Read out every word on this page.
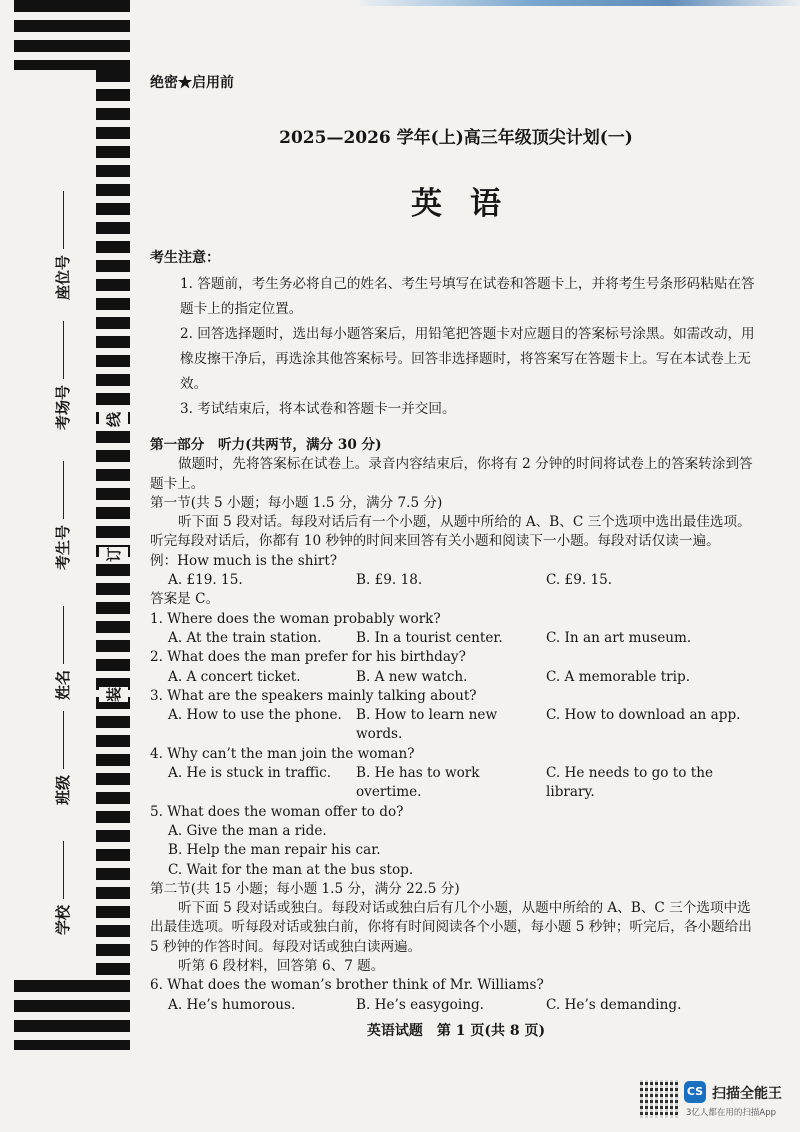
座位号
考场号
考生号
姓名
班级
学校
线
订
装
绝密★启用前
2025—2026 学年(上)高三年级顶尖计划(一)
英语
考生注意：

1. 答题前，考生务必将自己的姓名、考生号填写在试卷和答题卡上，并将考生号条形码粘贴在答题卡上的指定位置。

2. 回答选择题时，选出每小题答案后，用铅笔把答题卡对应题目的答案标号涂黑。如需改动，用橡皮擦干净后，再选涂其他答案标号。回答非选择题时，将答案写在答题卡上。写在本试卷上无效。

3. 考试结束后，将本试卷和答题卡一并交回。

第一部分　听力(共两节，满分 30 分)

做题时，先将答案标在试卷上。录音内容结束后，你将有 2 分钟的时间将试卷上的答案转涂到答题卡上。

第一节(共 5 小题；每小题 1.5 分，满分 7.5 分)

听下面 5 段对话。每段对话后有一个小题，从题中所给的 A、B、C 三个选项中选出最佳选项。听完每段对话后，你都有 10 秒钟的时间来回答有关小题和阅读下一小题。每段对话仅读一遍。

例：How much is the shirt?

A. £19. 15.	B. £9. 18.	C. £9. 15.

答案是 C。

1. Where does the woman probably work?

A. At the train station.	B. In a tourist center.	C. In an art museum.

2. What does the man prefer for his birthday?

A. A concert ticket.	B. A new watch.	C. A memorable trip.

3. What are the speakers mainly talking about?

A. How to use the phone.	B. How to learn new words.
C. How to download an app.

4. Why can’t the man join the woman?

A. He is stuck in traffic.	B. He has to work overtime.
C. He needs to go to the library.

5. What does the woman offer to do?

A. Give the man a ride.

B. Help the man repair his car.

C. Wait for the man at the bus stop.

第二节(共 15 小题；每小题 1.5 分，满分 22.5 分)

听下面 5 段对话或独白。每段对话或独白后有几个小题，从题中所给的 A、B、C 三个选项中选出最佳选项。听每段对话或独白前，你将有时间阅读各个小题，每小题 5 秒钟；听完后，各小题给出 5 秒钟的作答时间。每段对话或独白读两遍。

听第 6 段材料，回答第 6、7 题。

6. What does the woman’s brother think of Mr. Williams?

A. He’s humorous.	B. He’s easygoing.	C. He’s demanding.
英语试题　第 1 页(共 8 页)
CS 扫描全能王
3亿人都在用的扫描App
